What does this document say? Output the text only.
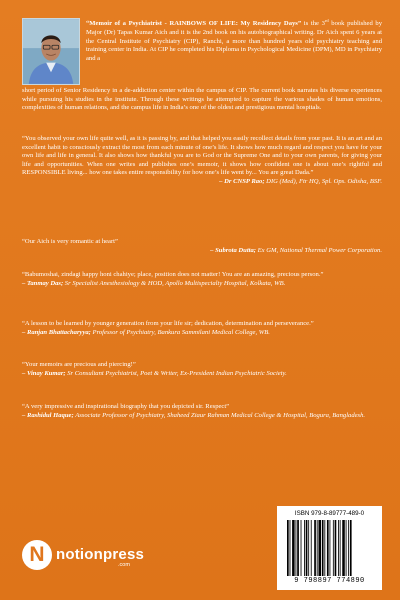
“Memoir of a Psychiatrist - RAINBOWS OF LIFE: My Residency Days” is the 3rd book published by Major (Dr) Tapas Kumar Aich and it is the 2nd book on his autobiographical writing. Dr Aich spent 6 years at the Central Institute of Psychiatry (CIP), Ranchi, a more than hundred years old psychiatry teaching and training center in India. At CIP he completed his Diploma in Psychological Medicine (DPM), MD in Psychiatry and a
short period of Senior Residency in a de-addiction center within the campus of CIP. The current book narrates his diverse experiences while pursuing his studies in the institute. Through these writings he attempted to capture the various shades of human emotions, complexities of human relations, and the campus life in India’s one of the oldest and prestigious mental hospitals.
“You observed your own life quite well, as it is passing by, and that helped you easily recollect details from your past. It is an art and an excellent habit to consciously extract the most from each minute of one’s life. It shows how much regard and respect you have for your own life and life in general. It also shows how thankful you are to God or the Supreme One and to your own parents, for giving your life and opportunities. When one writes and publishes one’s memoir, it shows how confident one is about one’s rightful and RESPONSIBLE living... how one takes entire responsibility for how one’s life went by... You are great Dada.”
– Dr CNSP Rao; DIG (Med), Ftr HQ, Spl. Ops. Odisha, BSF.
“Our Aich is very romantic at heart”
– Subrota Dutta; Ex GM, National Thermal Power Corporation.
“Babumoshai, zindagi happy honi chahiye; place, position does not matter! You are an amazing, precious person.”
– Tanmay Das; Sr Specialist Anesthesiology & HOD, Apollo Multispecialty Hospital, Kolkata, WB.
“A lesson to be learned by younger generation from your life sir; dedication, determination and perseverance.”
– Ranjan Bhattacharyya; Professor of Psychiatry, Bankura Sammilani Medical College, WB.
“Your memoirs are precious and piercing!”
– Vinay Kumar; Sr Consultant Psychiatrist, Poet & Writer, Ex-President Indian Psychiatric Society.
“A very impressive and inspirational biography that you depicted sir. Respect”
– Rashidul Haque; Associate Professor of Psychiatry, Shaheed Ziaur Rahman Medical College & Hospital, Bogura, Bangladesh.
N notionpress
.com
ISBN 979-8-89777-489-0
9 798897 774890
